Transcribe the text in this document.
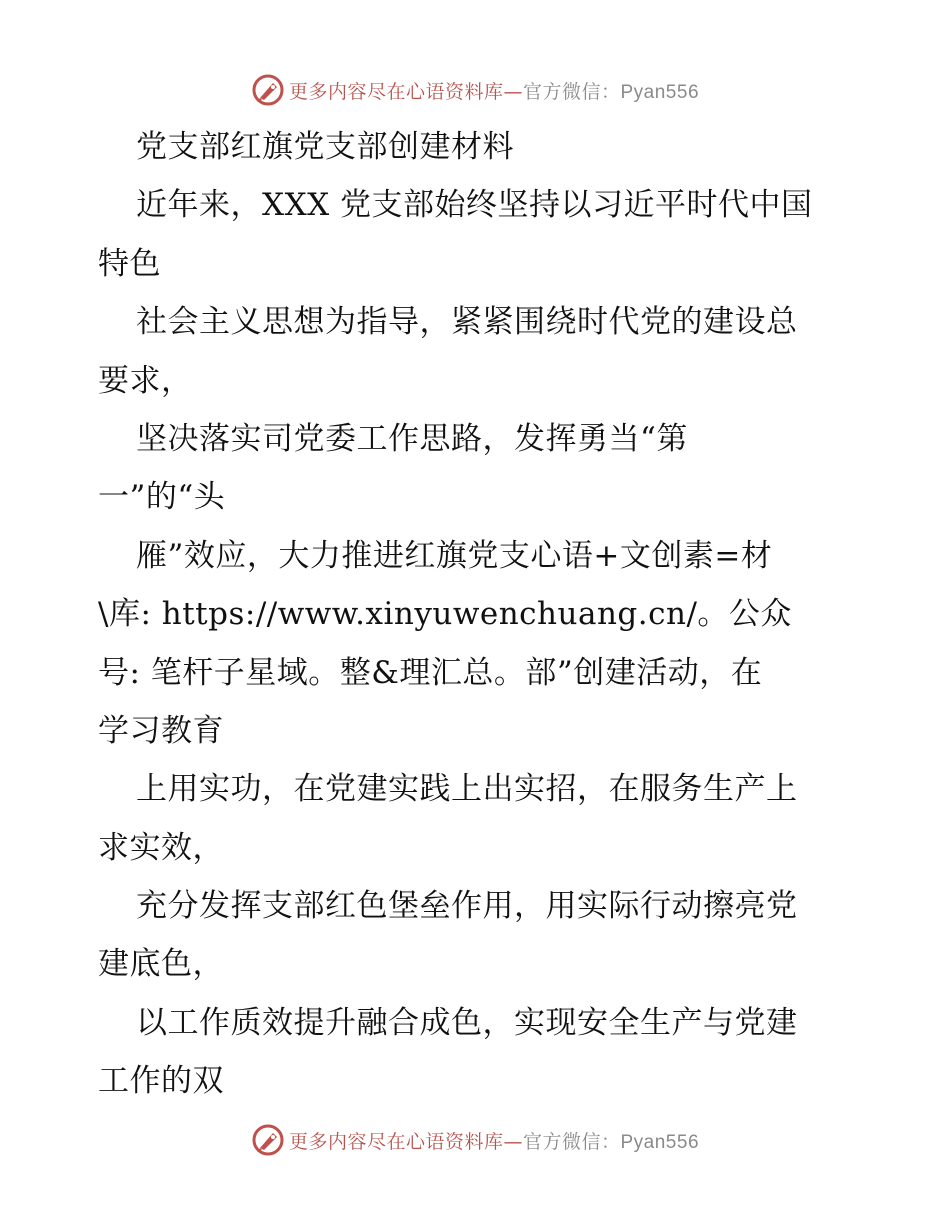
更多内容尽在心语资料库—官方微信：Pyan556
党支部红旗党支部创建材料
近年来，XXX 党支部始终坚持以习近平时代中国
特色
社会主义思想为指导，紧紧围绕时代党的建设总
要求，
坚决落实司党委工作思路，发挥勇当“第
一”的“头
雁”效应，大力推进红旗党支心语+文创素=材
\库: https://www.xinyuwenchuang.cn/。公众
号: 笔杆子星域。整&理汇总。部”创建活动，在
学习教育
上用实功，在党建实践上出实招，在服务生产上
求实效，
充分发挥支部红色堡垒作用，用实际行动擦亮党
建底色，
以工作质效提升融合成色，实现安全生产与党建
工作的双
更多内容尽在心语资料库—官方微信：Pyan556
